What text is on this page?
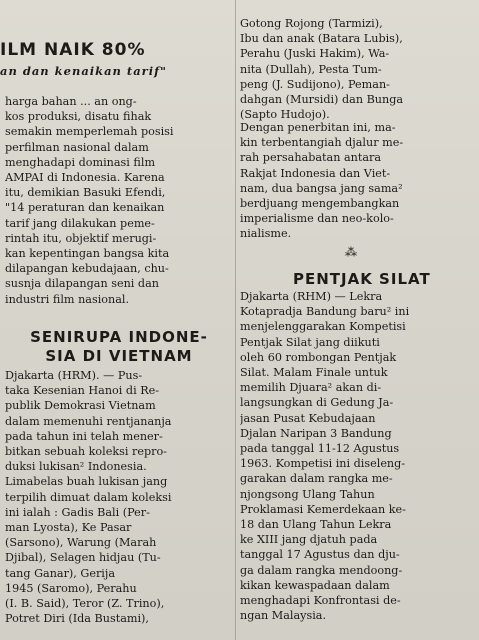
ILM NAIK 80%
an dan kenaikan tarif"
harga bahan ... an ong-
kos produksi, disatu fihak
semakin memperlemah posisi
perfilman nasional dalam
menghadapi dominasi film
AMPAI di Indonesia. Karena
itu, demikian Basuki Efendi,
"14 peraturan dan kenaikan
tarif jang dilakukan peme-
rintah itu, objektif merugi-
kan kepentingan bangsa kita
dilapangan kebudajaan, chu-
susnja dilapangan seni dan
industri film nasional.
SENIRUPA INDONE-
SIA DI VIETNAM
Djakarta (HRM). — Pus-
taka Kesenian Hanoi di Re-
publik Demokrasi Vietnam
dalam memenuhi rentjananja
pada tahun ini telah mener-
bitkan sebuah koleksi repro-
duksi lukisan² Indonesia.
Limabelas buah lukisan jang
terpilih dimuat dalam koleksi
ini ialah : Gadis Bali (Per-
man Lyosta), Ke Pasar
(Sarsono), Warung (Marah
Djibal), Selagen hidjau (Tu-
tang Ganar), Gerija
1945 (Saromo), Perahu
(I. B. Said), Teror (Z. Trino),
Potret Diri (Ida Bustami),
Gotong Rojong (Tarmizi),
Ibu dan anak (Batara Lubis),
Perahu (Juski Hakim), Wa-
nita (Dullah), Pesta Tum-
peng (J. Sudijono), Peman-
dahgan (Mursidi) dan Bunga
(Sapto Hudojo).
Dengan penerbitan ini, ma-
kin terbentangiah djalur me-
rah persahabatan antara
Rakjat Indonesia dan Viet-
nam, dua bangsa jang sama²
berdjuang mengembangkan
imperialisme dan neo-kolo-
nialisme.
⁂
PENTJAK SILAT
Djakarta (RHM) — Lekra
Kotapradja Bandung baru² ini
menjelenggarakan Kompetisi
Pentjak Silat jang diikuti
oleh 60 rombongan Pentjak
Silat. Malam Finale untuk
memilih Djuara² akan di-
langsungkan di Gedung Ja-
jasan Pusat Kebudajaan
Djalan Naripan 3 Bandung
pada tanggal 11-12 Agustus
1963. Kompetisi ini diseleng-
garakan dalam rangka me-
njongsong Ulang Tahun
Proklamasi Kemerdekaan ke-
18 dan Ulang Tahun Lekra
ke XIII jang djatuh pada
tanggal 17 Agustus dan dju-
ga dalam rangka mendoong-
kikan kewaspadaan dalam
menghadapi Konfrontasi de-
ngan Malaysia.
